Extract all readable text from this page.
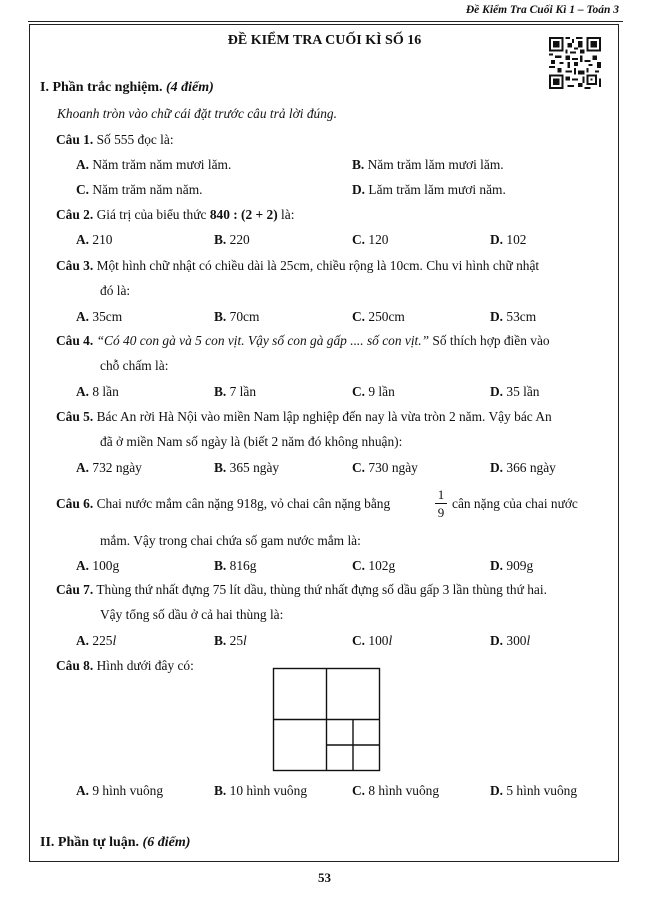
Đề Kiểm Tra Cuối Kì 1 – Toán 3
ĐỀ KIỂM TRA CUỐI KÌ SỐ 16
I. Phần trắc nghiệm. (4 điểm)
Khoanh tròn vào chữ cái đặt trước câu trả lời đúng.
Câu 1. Số 555 đọc là:
A. Năm trăm năm mươi lăm.	B. Năm trăm lăm mươi lăm.
C. Năm trăm năm năm.	D. Lăm trăm lăm mươi năm.
Câu 2. Giá trị của biểu thức 840 : (2 + 2) là:
A. 210	B. 220	C. 120	D. 102
Câu 3. Một hình chữ nhật có chiều dài là 25cm, chiều rộng là 10cm. Chu vi hình chữ nhật
đó là:
A. 35cm	B. 70cm	C. 250cm	D. 53cm
Câu 4. “Có 40 con gà và 5 con vịt. Vậy số con gà gấp .... số con vịt.” Số thích hợp điền vào
chỗ chấm là:
A. 8 lần	B. 7 lần	C. 9 lần	D. 35 lần
Câu 5. Bác An rời Hà Nội vào miền Nam lập nghiệp đến nay là vừa tròn 2 năm. Vậy bác An
đã ở miền Nam số ngày là (biết 2 năm đó không nhuận):
A. 732 ngày	B. 365 ngày	C. 730 ngày	D. 366 ngày
Câu 6. Chai nước mắm cân nặng 918g, vỏ chai cân nặng bằng
1
9
cân nặng của chai nước
mắm. Vậy trong chai chứa số gam nước mắm là:
A. 100g	B. 816g	C. 102g	D. 909g
Câu 7. Thùng thứ nhất đựng 75 lít dầu, thùng thứ nhất đựng số dầu gấp 3 lần thùng thứ hai.
Vậy tổng số dầu ở cả hai thùng là:
A. 225l	B. 25l	C. 100l	D. 300l
Câu 8. Hình dưới đây có:
A. 9 hình vuông	B. 10 hình vuông	C. 8 hình vuông	D. 5 hình vuông
II. Phần tự luận. (6 điểm)
53
